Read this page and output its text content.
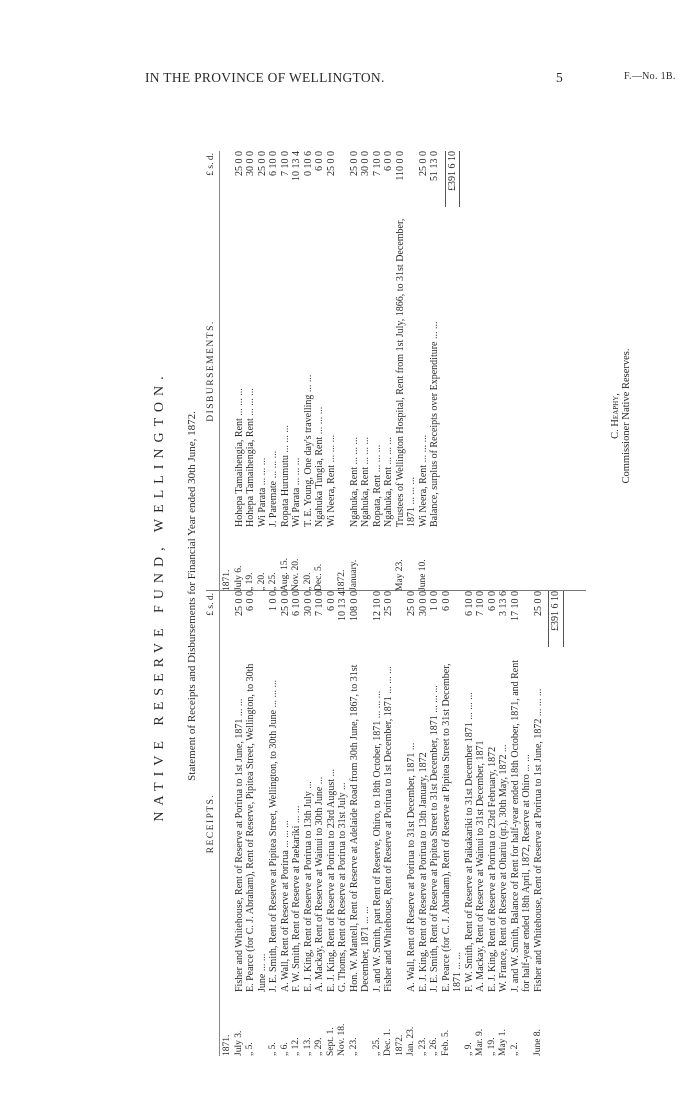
IN THE PROVINCE OF WELLINGTON.	5	F.—No. 1B.
NATIVE RESERVE FUND, WELLINGTON. Statement of Receipts and Disbursements for Financial Year ended 30th June, 1872.
RECEIPTS.
£ s. d.
1871. July 3.
Fisher and Whitehouse, Rent of Reserve at Porirua to 1st June, 1871 ... ...
25 0 0
„ 5.
E. Pearce (for C. J. Abraham), Rent of Reserve, Pipitea Street, Wellington, to 30th June ... ...
6 0 0
„ 5.
J. E. Smith, Rent of Reserve at Pipitea Street, Wellington, to 30th June ... ... ...
1 0 0
„ 6.
A. Wall, Rent of Reserve at Porirua ... ... ...
25 0 0
„ 12.
F. W. Smith, Rent of Reserve at Paekariki ... ...
6 10 0
„ 13.
E. J. King, Rent of Reserve at Porirua to 13th July ...
30 0 0
„ 29.
A. Mackay, Rent of Reserve at Wainui to 30th June ...
7 10 0
Sept. 1.
E. J. King, Rent of Reserve at Porirua to 23rd August ...
6 0 0
Nov. 18.
G. Thoms, Rent of Reserve at Porirua to 31st July ...
10 13 4
„ 23.
Hon. W. Mantell, Rent of Reserve at Adelaide Road from 30th June, 1867, to 31st December, 1871 ... ...
108 0 0
„ 25.
J. and W. Smith, part Rent of Reserve, Ohiro, to 18th October, 1871 ... ... ...
12 10 0
Dec. 1.
Fisher and Whitehouse, Rent of Reserve at Porirua to 1st December, 1871 ... ... ...
25 0 0
1872. Jan. 23.
A. Wall, Rent of Reserve at Porirua to 31st December, 1871 ...
25 0 0
„ 23.
E. J. King, Rent of Reserve at Porirua to 13th January, 1872
30 0 0
„ 26.
J. E. Smith, Rent of Reserve at Pipitea Street to 31st December, 1871 ... ... ...
1 0 0
Feb. 5.
E. Pearce (for C. J. Abraham), Rent of Reserve at Pipitea Street to 31st December, 1871 ... ...
6 0 0
„ 9.
F. W. Smith, Rent of Reserve at Paikakariki to 31st December 1871 ... ... ...
6 10 0
Mar. 9.
A. Mackay, Rent of Reserve at Wainui to 31st December, 1871
7 10 0
„ 19.
E. J. King, Rent of Reserve at Porirua to 23rd February, 1872
6 0 0
May 1.
W. France, Rent of Reserve at Ohariu (qr.), 30th May, 1872 ...
3 13 6
„ 2.
J. and W. Smith, Balance of Rent for half-year ended 18th October, 1871, and Rent for half-year ended 18th April, 1872, Reserve at Ohiro ... ...
17 10 0
June 8.
Fisher and Whitehouse, Rent of Reserve at Porirua to 1st June, 1872 ... ... ...
25 0 0 £391 6 10
DISBURSEMENTS.
£ s. d.
1871. July 6.
Hohepa Tamaihengia, Rent ... ... ...
25 0 0
„ 19.
Hohepa Tamaihengia, Rent ... ... ...
30 0 0
„ 20.
Wi Parata ... ... ...
25 0 0
„ 25.
J. Paremate ... ... ...
6 10 0
Aug. 15.
Ropata Hurumutu ... ... ...
7 10 0
Nov. 20.
Wi Parata ... ... ...
10 13 4
„ 20.
T. E. Young, One day's travelling ... ...
0 10 6
Dec. 5.
Ngahuka Tungia, Rent ... ... ...
6 0 0
Wi Neera, Rent ... ... ...
25 0 0
1872. January.
Ngahuka, Rent ... ... ...
25 0 0
Ngahuka, Rent ... ... ...
30 0 0
Ropata, Rent ... ... ...
7 10 0
Ngahuka, Rent ... ... ...
6 0 0
May 23.
Trustees of Wellington Hospital, Rent from 1st July, 1866, to 31st December, 1871 ... ... ...
110 0 0
June 10.
Wi Neera, Rent ... ... ...
25 0 0
Balance, surplus of Receipts over Expenditure ... ...
51 13 0 £391 6 10
C. Heaphy, Commissioner Native Reserves.
